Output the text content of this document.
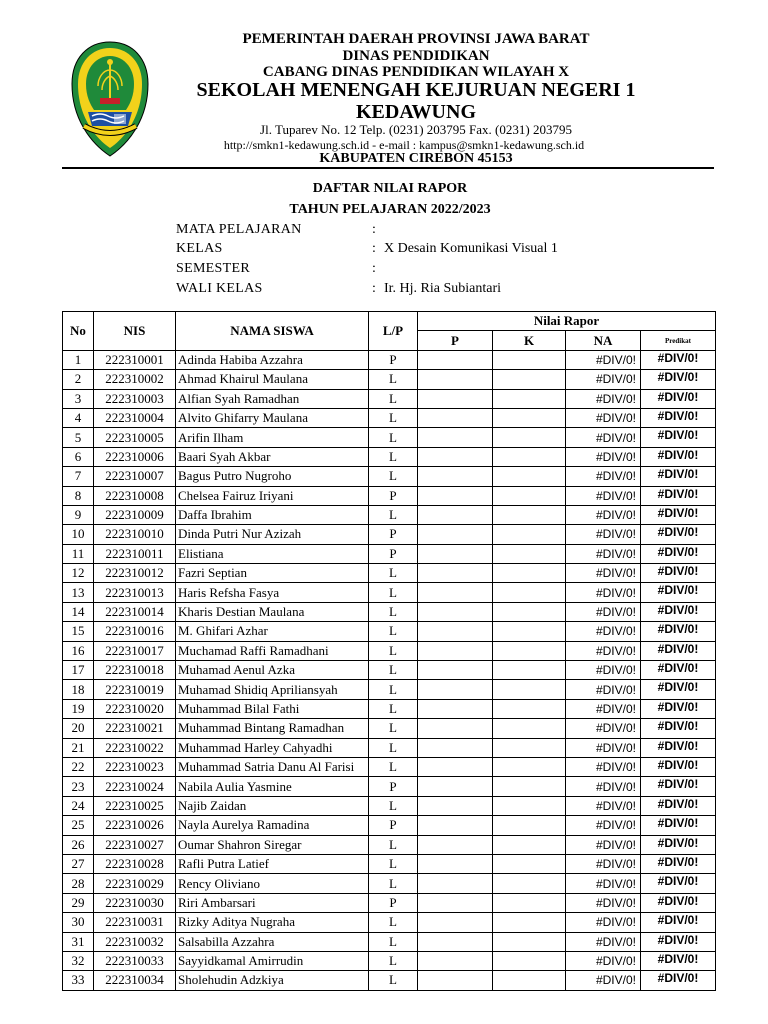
PEMERINTAH DAERAH PROVINSI JAWA BARAT
DINAS PENDIDIKAN
CABANG DINAS PENDIDIKAN WILAYAH X
SEKOLAH MENENGAH KEJURUAN NEGERI 1
KEDAWUNG
Jl. Tuparev No. 12 Telp. (0231) 203795 Fax. (0231) 203795
http://smkn1-kedawung.sch.id - e-mail : kampus@smkn1-kedawung.sch.id
KABUPATEN CIREBON 45153
DAFTAR NILAI RAPOR
TAHUN PELAJARAN 2022/2023
MATA PELAJARAN	:
KELAS	: X Desain Komunikasi Visual 1
SEMESTER	:
WALI KELAS	: Ir. Hj. Ria Subiantari
No	NIS	NAMA SISWA	L/P	Nilai Rapor			
				P	K	NA	Predikat
1	222310001	Adinda Habiba Azzahra	P			#DIV/0!	#DIV/0!
2	222310002	Ahmad Khairul Maulana	L			#DIV/0!	#DIV/0!
3	222310003	Alfian Syah Ramadhan	L			#DIV/0!	#DIV/0!
4	222310004	Alvito Ghifarry Maulana	L			#DIV/0!	#DIV/0!
5	222310005	Arifin Ilham	L			#DIV/0!	#DIV/0!
6	222310006	Baari Syah Akbar	L			#DIV/0!	#DIV/0!
7	222310007	Bagus Putro Nugroho	L			#DIV/0!	#DIV/0!
8	222310008	Chelsea Fairuz Iriyani	P			#DIV/0!	#DIV/0!
9	222310009	Daffa Ibrahim	L			#DIV/0!	#DIV/0!
10	222310010	Dinda Putri Nur Azizah	P			#DIV/0!	#DIV/0!
11	222310011	Elistiana	P			#DIV/0!	#DIV/0!
12	222310012	Fazri Septian	L			#DIV/0!	#DIV/0!
13	222310013	Haris Refsha Fasya	L			#DIV/0!	#DIV/0!
14	222310014	Kharis Destian Maulana	L			#DIV/0!	#DIV/0!
15	222310016	M. Ghifari Azhar	L			#DIV/0!	#DIV/0!
16	222310017	Muchamad Raffi Ramadhani	L			#DIV/0!	#DIV/0!
17	222310018	Muhamad Aenul Azka	L			#DIV/0!	#DIV/0!
18	222310019	Muhamad Shidiq Apriliansyah	L			#DIV/0!	#DIV/0!
19	222310020	Muhammad Bilal Fathi	L			#DIV/0!	#DIV/0!
20	222310021	Muhammad Bintang Ramadhan	L			#DIV/0!	#DIV/0!
21	222310022	Muhammad Harley Cahyadhi	L			#DIV/0!	#DIV/0!
22	222310023	Muhammad Satria Danu Al Farisi	L			#DIV/0!	#DIV/0!
23	222310024	Nabila Aulia Yasmine	P			#DIV/0!	#DIV/0!
24	222310025	Najib Zaidan	L			#DIV/0!	#DIV/0!
25	222310026	Nayla Aurelya Ramadina	P			#DIV/0!	#DIV/0!
26	222310027	Oumar Shahron Siregar	L			#DIV/0!	#DIV/0!
27	222310028	Rafli Putra Latief	L			#DIV/0!	#DIV/0!
28	222310029	Rency Oliviano	L			#DIV/0!	#DIV/0!
29	222310030	Riri Ambarsari	P			#DIV/0!	#DIV/0!
30	222310031	Rizky Aditya Nugraha	L			#DIV/0!	#DIV/0!
31	222310032	Salsabilla Azzahra	L			#DIV/0!	#DIV/0!
32	222310033	Sayyidkamal Amirrudin	L			#DIV/0!	#DIV/0!
33	222310034	Sholehudin Adzkiya	L			#DIV/0!	#DIV/0!
